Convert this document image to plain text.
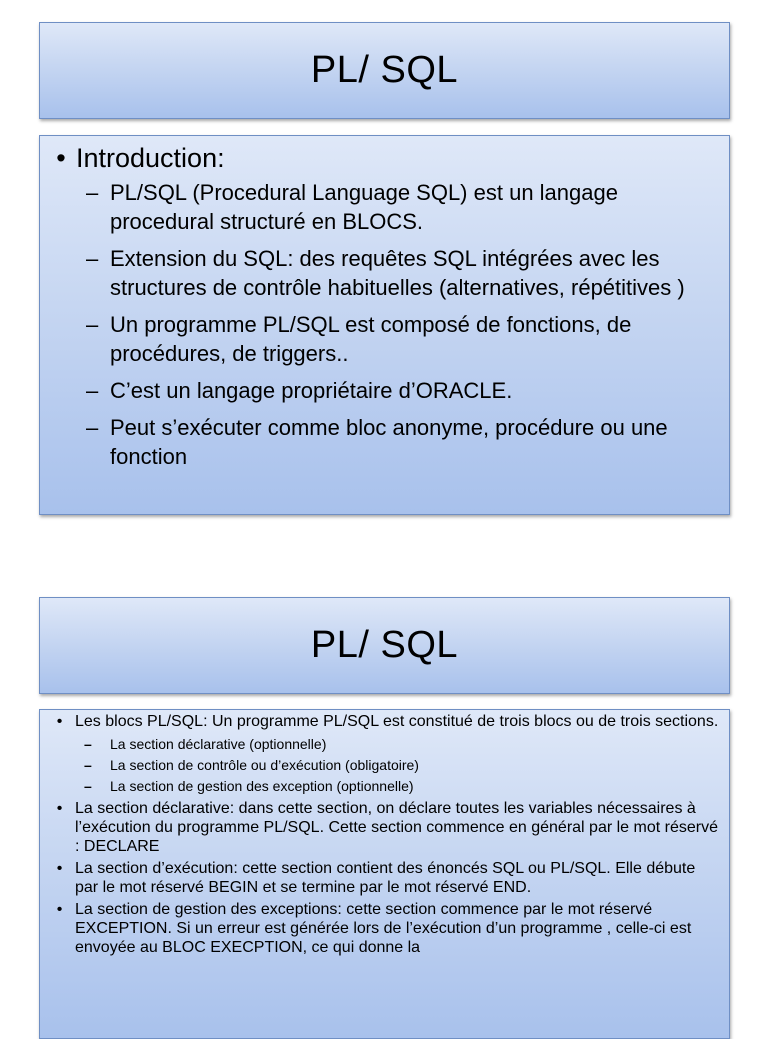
PL/ SQL
• Introduction:
– PL/SQL (Procedural Language SQL) est un langage procedural structuré en BLOCS.
– Extension du SQL: des requêtes SQL intégrées avec les structures de contrôle habituelles (alternatives, répétitives )
– Un programme PL/SQL est composé de fonctions, de procédures, de triggers..
– C’est un langage propriétaire d’ORACLE.
– Peut s’exécuter comme bloc anonyme, procédure ou une fonction
PL/ SQL
• Les blocs PL/SQL: Un programme PL/SQL est constitué de trois blocs ou de trois sections.
–	La section déclarative (optionnelle)
–	La section de contrôle ou d’exécution (obligatoire)
–	La section de gestion des exception (optionnelle)
• La section déclarative: dans cette section, on déclare toutes les variables nécessaires à l’exécution du programme PL/SQL. Cette section commence en général par le mot réservé : DECLARE
• La section d’exécution: cette section contient des énoncés SQL ou PL/SQL. Elle débute par le mot réservé BEGIN et se termine par le mot réservé END.
• La section de gestion des exceptions: cette section commence par le mot réservé EXCEPTION. Si un erreur est générée lors de l’exécution d’un programme , celle-ci est envoyée au BLOC EXECPTION, ce qui donne la
